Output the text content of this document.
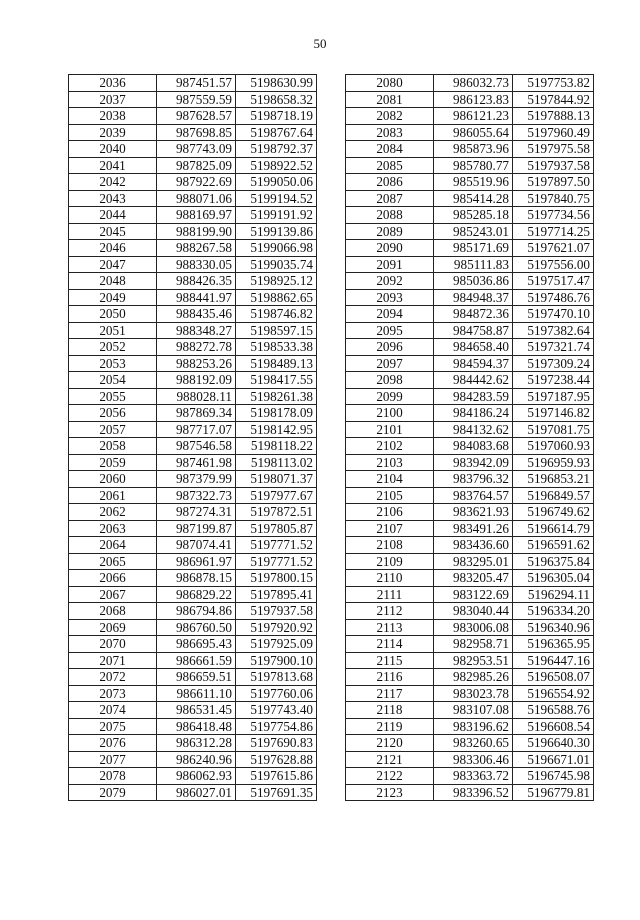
50
2036	987451.57	5198630.99
2037	987559.59	5198658.32
2038	987628.57	5198718.19
2039	987698.85	5198767.64
2040	987743.09	5198792.37
2041	987825.09	5198922.52
2042	987922.69	5199050.06
2043	988071.06	5199194.52
2044	988169.97	5199191.92
2045	988199.90	5199139.86
2046	988267.58	5199066.98
2047	988330.05	5199035.74
2048	988426.35	5198925.12
2049	988441.97	5198862.65
2050	988435.46	5198746.82
2051	988348.27	5198597.15
2052	988272.78	5198533.38
2053	988253.26	5198489.13
2054	988192.09	5198417.55
2055	988028.11	5198261.38
2056	987869.34	5198178.09
2057	987717.07	5198142.95
2058	987546.58	5198118.22
2059	987461.98	5198113.02
2060	987379.99	5198071.37
2061	987322.73	5197977.67
2062	987274.31	5197872.51
2063	987199.87	5197805.87
2064	987074.41	5197771.52
2065	986961.97	5197771.52
2066	986878.15	5197800.15
2067	986829.22	5197895.41
2068	986794.86	5197937.58
2069	986760.50	5197920.92
2070	986695.43	5197925.09
2071	986661.59	5197900.10
2072	986659.51	5197813.68
2073	986611.10	5197760.06
2074	986531.45	5197743.40
2075	986418.48	5197754.86
2076	986312.28	5197690.83
2077	986240.96	5197628.88
2078	986062.93	5197615.86
2079	986027.01	5197691.35
2080	986032.73	5197753.82
2081	986123.83	5197844.92
2082	986121.23	5197888.13
2083	986055.64	5197960.49
2084	985873.96	5197975.58
2085	985780.77	5197937.58
2086	985519.96	5197897.50
2087	985414.28	5197840.75
2088	985285.18	5197734.56
2089	985243.01	5197714.25
2090	985171.69	5197621.07
2091	985111.83	5197556.00
2092	985036.86	5197517.47
2093	984948.37	5197486.76
2094	984872.36	5197470.10
2095	984758.87	5197382.64
2096	984658.40	5197321.74
2097	984594.37	5197309.24
2098	984442.62	5197238.44
2099	984283.59	5197187.95
2100	984186.24	5197146.82
2101	984132.62	5197081.75
2102	984083.68	5197060.93
2103	983942.09	5196959.93
2104	983796.32	5196853.21
2105	983764.57	5196849.57
2106	983621.93	5196749.62
2107	983491.26	5196614.79
2108	983436.60	5196591.62
2109	983295.01	5196375.84
2110	983205.47	5196305.04
2111	983122.69	5196294.11
2112	983040.44	5196334.20
2113	983006.08	5196340.96
2114	982958.71	5196365.95
2115	982953.51	5196447.16
2116	982985.26	5196508.07
2117	983023.78	5196554.92
2118	983107.08	5196588.76
2119	983196.62	5196608.54
2120	983260.65	5196640.30
2121	983306.46	5196671.01
2122	983363.72	5196745.98
2123	983396.52	5196779.81
